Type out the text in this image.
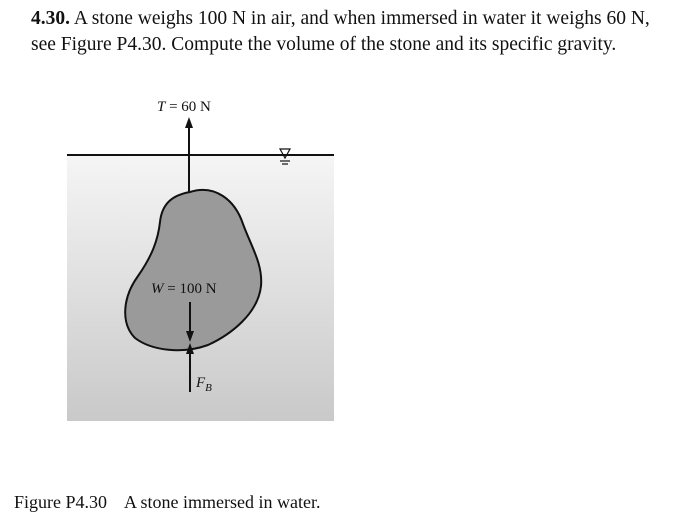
4.30. A stone weighs 100 N in air, and when immersed in water it weighs 60 N, see Figure P4.30. Compute the volume of the stone and its specific gravity.
T = 60 N
W = 100 N
$F_B$
Figure P4.30 A stone immersed in water.
